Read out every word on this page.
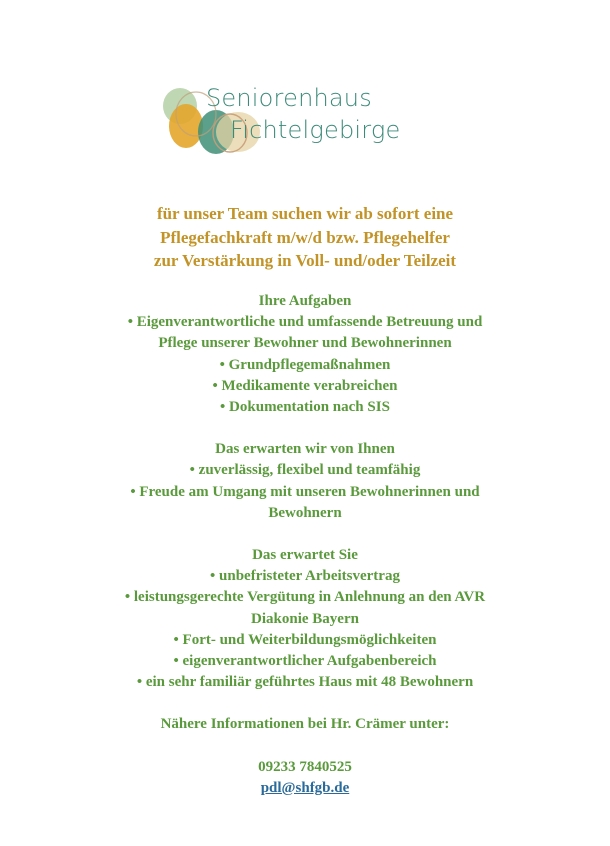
Seniorenhaus
Fichtelgebirge
für unser Team suchen wir ab sofort eine
Pflegefachkraft m/w/d bzw. Pflegehelfer
zur Verstärkung in Voll- und/oder Teilzeit
Ihre Aufgaben
• Eigenverantwortliche und umfassende Betreuung und
Pflege unserer Bewohner und Bewohnerinnen
• Grundpflegemaßnahmen
• Medikamente verabreichen
• Dokumentation nach SIS
Das erwarten wir von Ihnen
• zuverlässig, flexibel und teamfähig
• Freude am Umgang mit unseren Bewohnerinnen und
Bewohnern
Das erwartet Sie
• unbefristeter Arbeitsvertrag
• leistungsgerechte Vergütung in Anlehnung an den AVR
Diakonie Bayern
• Fort- und Weiterbildungsmöglichkeiten
• eigenverantwortlicher Aufgabenbereich
• ein sehr familiär geführtes Haus mit 48 Bewohnern
Nähere Informationen bei Hr. Crämer unter:
09233 7840525
pdl@shfgb.de
